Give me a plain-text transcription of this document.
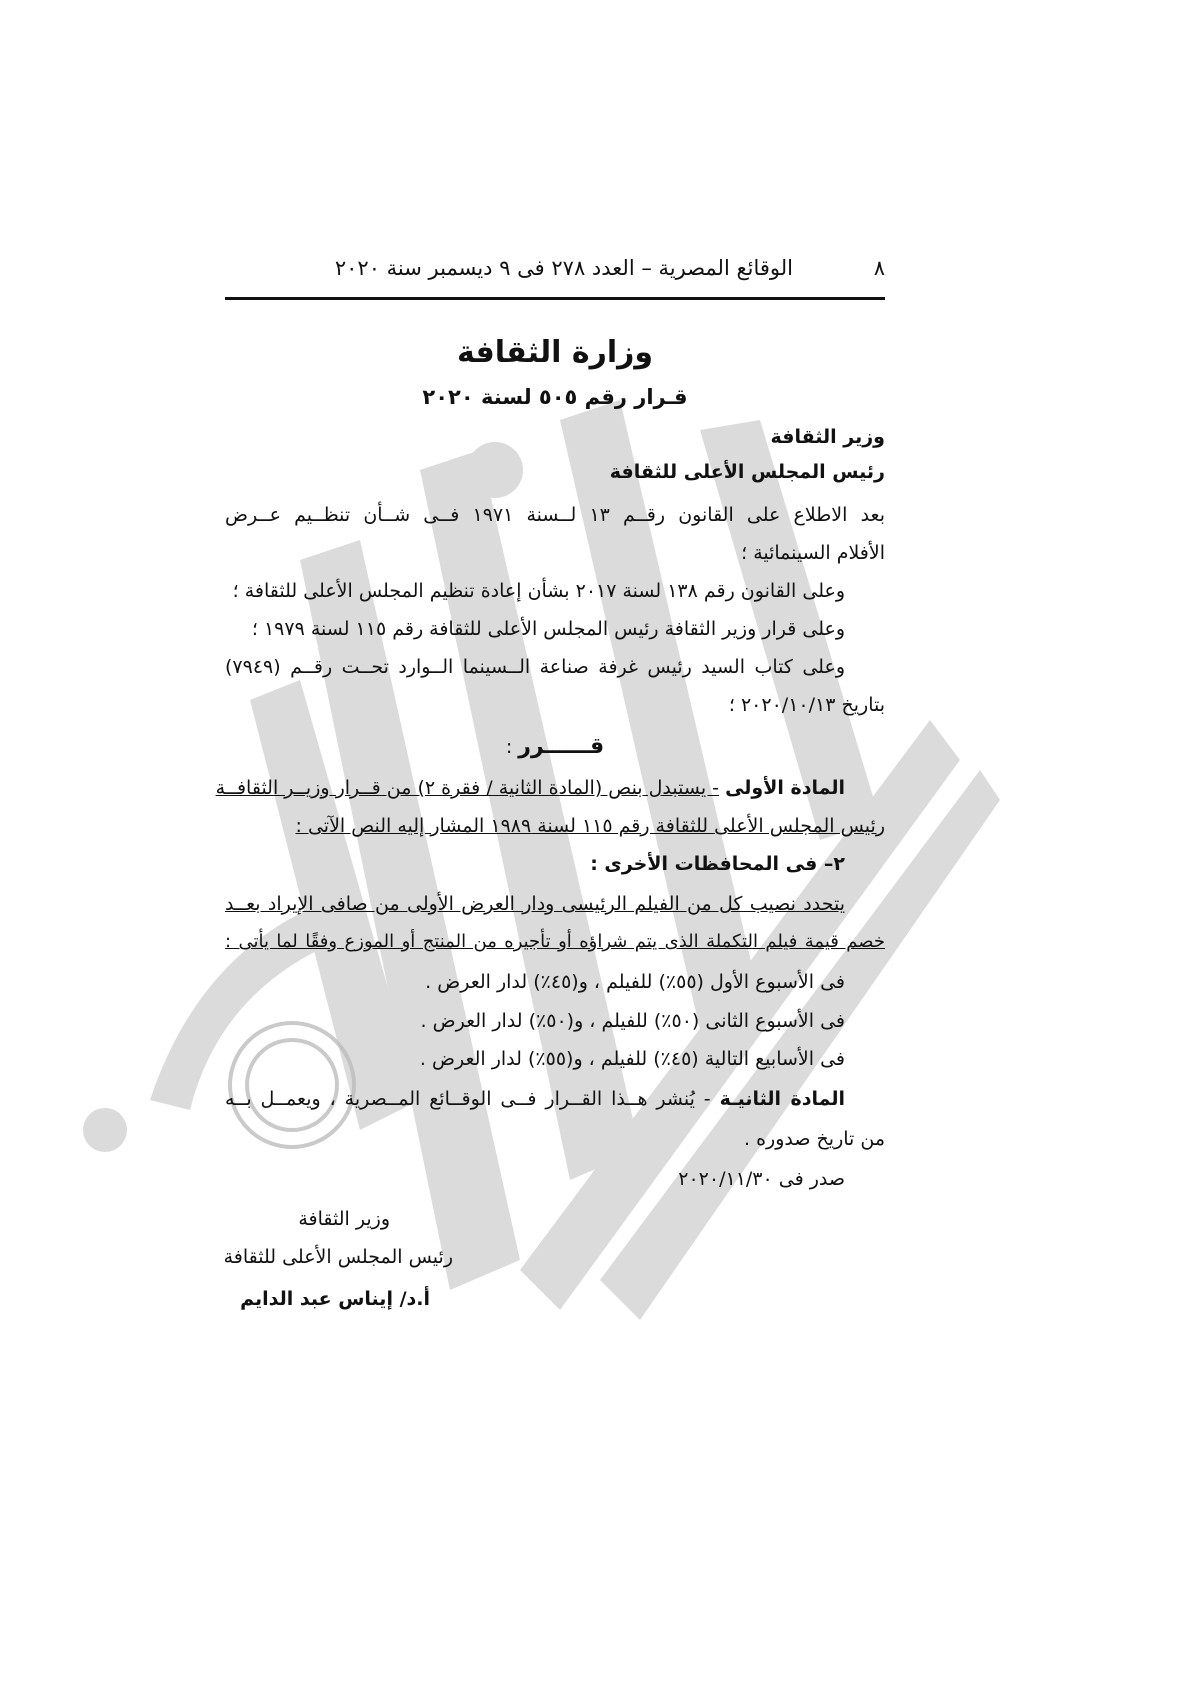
٨
الوقائع المصرية – العدد ٢٧٨ فى ٩ ديسمبر سنة ٢٠٢٠
وزارة الثقافة
قـرار رقم ٥٠٥ لسنة ٢٠٢٠
وزير الثقافة
رئيس المجلس الأعلى للثقافة
بعد الاطلاع على القانون رقــم ١٣ لــسنة ١٩٧١ فــى شــأن تنظــيم عــرض
الأفلام السينمائية ؛
وعلى القانون رقم ١٣٨ لسنة ٢٠١٧ بشأن إعادة تنظيم المجلس الأعلى للثقافة ؛
وعلى قرار وزير الثقافة رئيس المجلس الأعلى للثقافة رقم ١١٥ لسنة ١٩٧٩ ؛
وعلى كتاب السيد رئيس غرفة صناعة الــسينما الــوارد تحــت رقــم (٧٩٤٩)
بتاريخ ٢٠٢٠/١٠/١٣ ؛
قــــــرر :
المادة الأولى - يستبدل بنص (المادة الثانية / فقرة ٢) من قــرار وزيــر الثقافــة
رئيس المجلس الأعلى للثقافة رقم ١١٥ لسنة ١٩٨٩ المشار إليه النص الآتى :
٢– فى المحافظات الأخرى :
يتحدد نصيب كل من الفيلم الرئيسى ودار العرض الأولى من صافى الإيراد بعــد
خصم قيمة فيلم التكملة الذى يتم شراؤه أو تأجيره من المنتج أو الموزع وفقًا لما يأتى :
فى الأسبوع الأول (٥٥٪) للفيلم ، و(٤٥٪) لدار العرض .
فى الأسبوع الثانى (٥٠٪) للفيلم ، و(٥٠٪) لدار العرض .
فى الأسابيع التالية (٤٥٪) للفيلم ، و(٥٥٪) لدار العرض .
المادة الثانيـة - يُنشر هــذا القــرار فــى الوقــائع المــصرية ، ويعمــل بــه
من تاريخ صدوره .
صدر فى ٢٠٢٠/١١/٣٠
وزير الثقافة
رئيس المجلس الأعلى للثقافة
أ.د/ إيناس عبد الدايم
